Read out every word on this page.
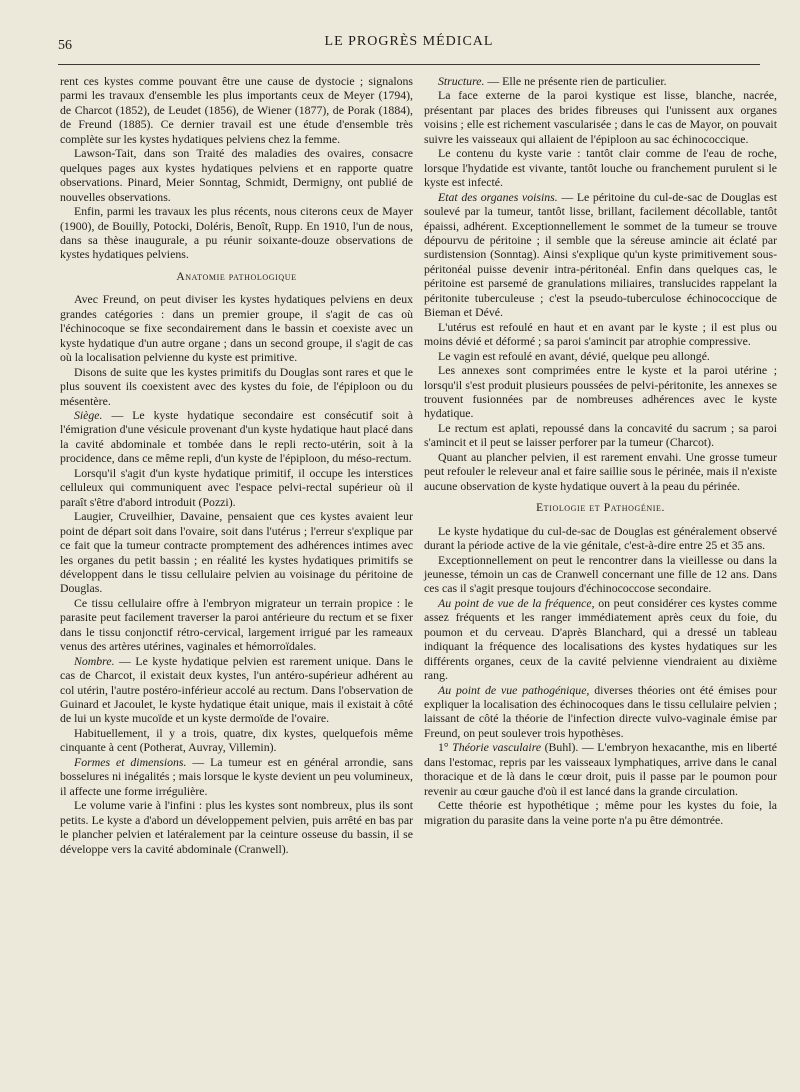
56	LE PROGRÈS MÉDICAL

rent ces kystes comme pouvant être une cause de dystocie ; signalons parmi les travaux d'ensemble les plus importants ceux de Meyer (1794), de Charcot (1852), de Leudet (1856), de Wiener (1877), de Porak (1884), de Freund (1885). Ce dernier travail est une étude d'ensemble très complète sur les kystes hydatiques pelviens chez la femme.

Lawson-Tait, dans son Traité des maladies des ovaires, consacre quelques pages aux kystes hydatiques pelviens et en rapporte quatre observations. Pinard, Meier Sonntag, Schmidt, Dermigny, ont publié de nouvelles observations.

Enfin, parmi les travaux les plus récents, nous citerons ceux de Mayer (1900), de Bouilly, Potocki, Doléris, Benoît, Rupp. En 1910, l'un de nous, dans sa thèse inaugurale, a pu réunir soixante-douze observations de kystes hydatiques pelviens.

Anatomie pathologique

Avec Freund, on peut diviser les kystes hydatiques pelviens en deux grandes catégories : dans un premier groupe, il s'agit de cas où l'échinocoque se fixe secondairement dans le bassin et coexiste avec un kyste hydatique d'un autre organe ; dans un second groupe, il s'agit de cas où la localisation pelvienne du kyste est primitive.

Disons de suite que les kystes primitifs du Douglas sont rares et que le plus souvent ils coexistent avec des kystes du foie, de l'épiploon ou du mésentère.

Siège. — Le kyste hydatique secondaire est consécutif soit à l'émigration d'une vésicule provenant d'un kyste hydatique haut placé dans la cavité abdominale et tombée dans le repli recto-utérin, soit à la procidence, dans ce même repli, d'un kyste de l'épiploon, du méso-rectum.

Lorsqu'il s'agit d'un kyste hydatique primitif, il occupe les interstices celluleux qui communiquent avec l'espace pelvi-rectal supérieur où il paraît s'être d'abord introduit (Pozzi).

Laugier, Cruveilhier, Davaine, pensaient que ces kystes avaient leur point de départ soit dans l'ovaire, soit dans l'utérus ; l'erreur s'explique par ce fait que la tumeur contracte promptement des adhérences intimes avec les organes du petit bassin ; en réalité les kystes hydatiques primitifs se développent dans le tissu cellulaire pelvien au voisinage du péritoine de Douglas.

Ce tissu cellulaire offre à l'embryon migrateur un terrain propice : le parasite peut facilement traverser la paroi antérieure du rectum et se fixer dans le tissu conjonctif rétro-cervical, largement irrigué par les rameaux venus des artères utérines, vaginales et hémorroïdales.

Nombre. — Le kyste hydatique pelvien est rarement unique. Dans le cas de Charcot, il existait deux kystes, l'un antéro-supérieur adhérent au col utérin, l'autre postéro-inférieur accolé au rectum. Dans l'observation de Guinard et Jacoulet, le kyste hydatique était unique, mais il existait à côté de lui un kyste mucoïde et un kyste dermoïde de l'ovaire.

Habituellement, il y a trois, quatre, dix kystes, quelquefois même cinquante à cent (Potherat, Auvray, Villemin).

Formes et dimensions. — La tumeur est en général arrondie, sans bosselures ni inégalités ; mais lorsque le kyste devient un peu volumineux, il affecte une forme irrégulière.

Le volume varie à l'infini : plus les kystes sont nombreux, plus ils sont petits. Le kyste a d'abord un développement pelvien, puis arrêté en bas par le plancher pelvien et latéralement par la ceinture osseuse du bassin, il se développe vers la cavité abdominale (Cranwell).

Structure. — Elle ne présente rien de particulier.

La face externe de la paroi kystique est lisse, blanche, nacrée, présentant par places des brides fibreuses qui l'unissent aux organes voisins ; elle est richement vascularisée ; dans le cas de Mayor, on pouvait suivre les vaisseaux qui allaient de l'épiploon au sac échinococcique.

Le contenu du kyste varie : tantôt clair comme de l'eau de roche, lorsque l'hydatide est vivante, tantôt louche ou franchement purulent si le kyste est infecté.

Etat des organes voisins. — Le péritoine du cul-de-sac de Douglas est soulevé par la tumeur, tantôt lisse, brillant, facilement décollable, tantôt épaissi, adhérent. Exceptionnellement le sommet de la tumeur se trouve dépourvu de péritoine ; il semble que la séreuse amincie ait éclaté par surdistension (Sonntag). Ainsi s'explique qu'un kyste primitivement sous-péritonéal puisse devenir intra-péritonéal. Enfin dans quelques cas, le péritoine est parsemé de granulations miliaires, translucides rappelant la péritonite tuberculeuse ; c'est la pseudo-tuberculose échinococcique de Bieman et Dévé.

L'utérus est refoulé en haut et en avant par le kyste ; il est plus ou moins dévié et déformé ; sa paroi s'amincit par atrophie compressive.

Le vagin est refoulé en avant, dévié, quelque peu allongé.

Les annexes sont comprimées entre le kyste et la paroi utérine ; lorsqu'il s'est produit plusieurs poussées de pelvi-péritonite, les annexes se trouvent fusionnées par de nombreuses adhérences avec le kyste hydatique.

Le rectum est aplati, repoussé dans la concavité du sacrum ; sa paroi s'amincit et il peut se laisser perforer par la tumeur (Charcot).

Quant au plancher pelvien, il est rarement envahi. Une grosse tumeur peut refouler le releveur anal et faire saillie sous le périnée, mais il n'existe aucune observation de kyste hydatique ouvert à la peau du périnée.

Etiologie et Pathogénie.

Le kyste hydatique du cul-de-sac de Douglas est généralement observé durant la période active de la vie génitale, c'est-à-dire entre 25 et 35 ans.

Exceptionnellement on peut le rencontrer dans la vieillesse ou dans la jeunesse, témoin un cas de Cranwell concernant une fille de 12 ans. Dans ces cas il s'agit presque toujours d'échinococcose secondaire.

Au point de vue de la fréquence, on peut considérer ces kystes comme assez fréquents et les ranger immédiatement après ceux du foie, du poumon et du cerveau. D'après Blanchard, qui a dressé un tableau indiquant la fréquence des localisations des kystes hydatiques sur les différents organes, ceux de la cavité pelvienne viendraient au dixième rang.

Au point de vue pathogénique, diverses théories ont été émises pour expliquer la localisation des échinocoques dans le tissu cellulaire pelvien ; laissant de côté la théorie de l'infection directe vulvo-vaginale émise par Freund, on peut soulever trois hypothèses.

1° Théorie vasculaire (Buhl). — L'embryon hexacanthe, mis en liberté dans l'estomac, repris par les vaisseaux lymphatiques, arrive dans le canal thoracique et de là dans le cœur droit, puis il passe par le poumon pour revenir au cœur gauche d'où il est lancé dans la grande circulation.

Cette théorie est hypothétique ; même pour les kystes du foie, la migration du parasite dans la veine porte n'a pu être démontrée.
